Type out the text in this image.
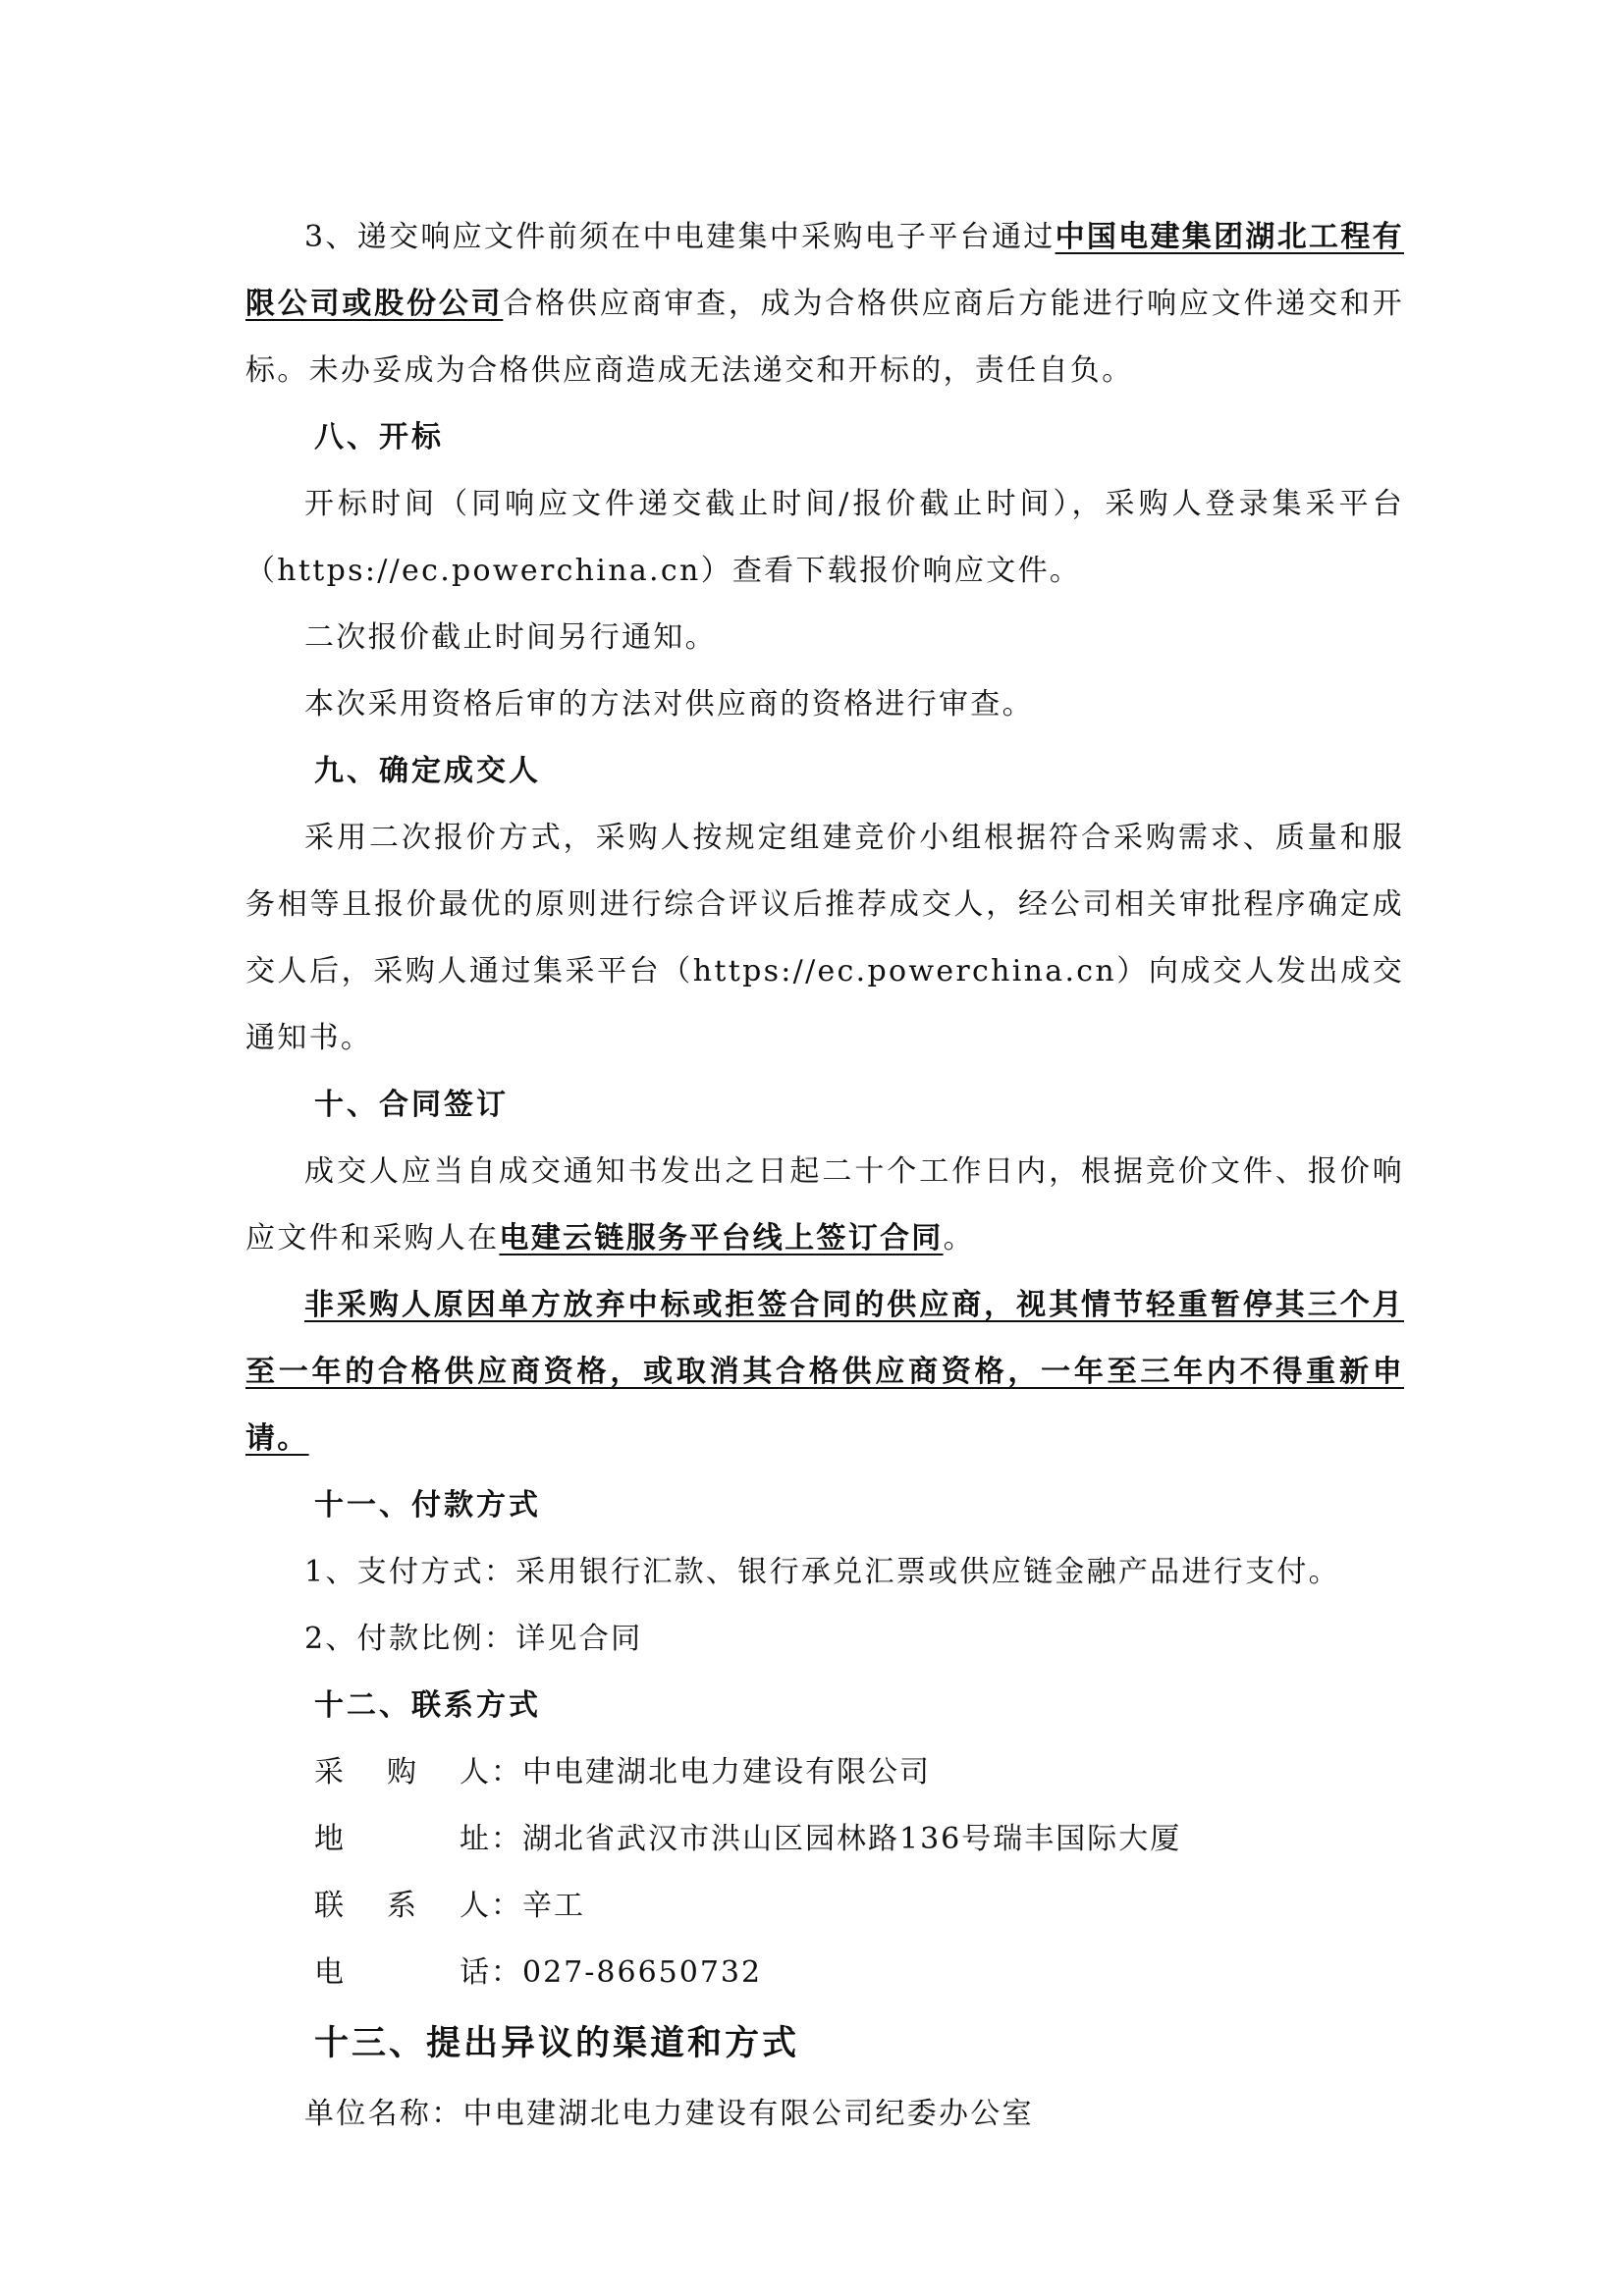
3、递交响应文件前须在中电建集中采购电子平台通过中国电建集团湖北工程有限公司或股份公司合格供应商审查，成为合格供应商后方能进行响应文件递交和开标。未办妥成为合格供应商造成无法递交和开标的，责任自负。

八、开标

开标时间（同响应文件递交截止时间/报价截止时间），采购人登录集采平台（https://ec.powerchina.cn）查看下载报价响应文件。

二次报价截止时间另行通知。

本次采用资格后审的方法对供应商的资格进行审查。

九、确定成交人

采用二次报价方式，采购人按规定组建竞价小组根据符合采购需求、质量和服务相等且报价最优的原则进行综合评议后推荐成交人，经公司相关审批程序确定成交人后，采购人通过集采平台（https://ec.powerchina.cn）向成交人发出成交通知书。

十、合同签订

成交人应当自成交通知书发出之日起二十个工作日内，根据竞价文件、报价响应文件和采购人在电建云链服务平台线上签订合同。

非采购人原因单方放弃中标或拒签合同的供应商，视其情节轻重暂停其三个月至一年的合格供应商资格，或取消其合格供应商资格，一年至三年内不得重新申请。

十一、付款方式

1、支付方式：采用银行汇款、银行承兑汇票或供应链金融产品进行支付。

2、付款比例：详见合同

十二、联系方式

采 购 人 ： 中电建湖北电力建设有限公司
地	址 ： 湖北省武汉市洪山区园林路136号瑞丰国际大厦
联 系 人 ： 辛工
电	话 ： 027-86650732

十三、提出异议的渠道和方式

单位名称：中电建湖北电力建设有限公司纪委办公室
